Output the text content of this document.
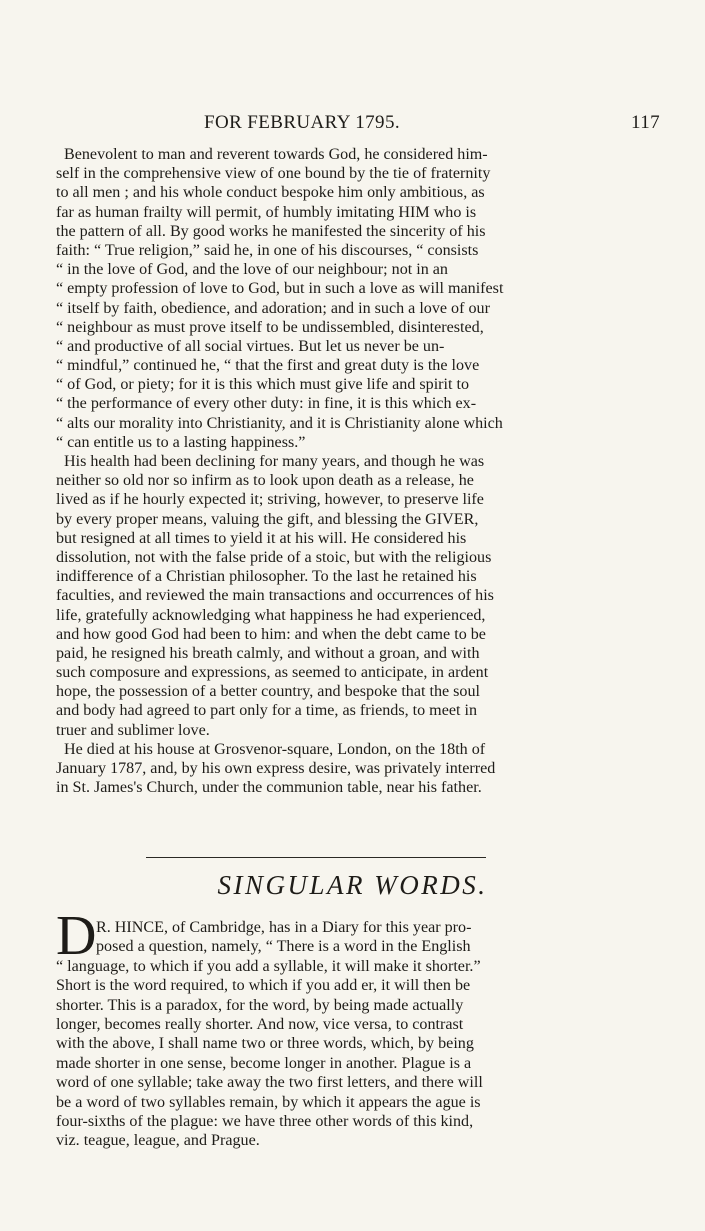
FOR FEBRUARY 1795.	117
Benevolent to man and reverent towards God, he considered him-
self in the comprehensive view of one bound by the tie of fraternity
to all men ; and his whole conduct bespoke him only ambitious, as
far as human frailty will permit, of humbly imitating HIM who is
the pattern of all. By good works he manifested the sincerity of his
faith: “ True religion,” said he, in one of his discourses, “ consists
“ in the love of God, and the love of our neighbour; not in an
“ empty profession of love to God, but in such a love as will manifest
“ itself by faith, obedience, and adoration; and in such a love of our
“ neighbour as must prove itself to be undissembled, disinterested,
“ and productive of all social virtues. But let us never be un-
“ mindful,” continued he, “ that the first and great duty is the love
“ of God, or piety; for it is this which must give life and spirit to
“ the performance of every other duty: in fine, it is this which ex-
“ alts our morality into Christianity, and it is Christianity alone which
“ can entitle us to a lasting happiness.”
His health had been declining for many years, and though he was
neither so old nor so infirm as to look upon death as a release, he
lived as if he hourly expected it; striving, however, to preserve life
by every proper means, valuing the gift, and blessing the GIVER,
but resigned at all times to yield it at his will. He considered his
dissolution, not with the false pride of a stoic, but with the religious
indifference of a Christian philosopher. To the last he retained his
faculties, and reviewed the main transactions and occurrences of his
life, gratefully acknowledging what happiness he had experienced,
and how good God had been to him: and when the debt came to be
paid, he resigned his breath calmly, and without a groan, and with
such composure and expressions, as seemed to anticipate, in ardent
hope, the possession of a better country, and bespoke that the soul
and body had agreed to part only for a time, as friends, to meet in
truer and sublimer love.
He died at his house at Grosvenor-square, London, on the 18th of
January 1787, and, by his own express desire, was privately interred
in St. James's Church, under the communion table, near his father.
SINGULAR WORDS.
D R. HINCE, of Cambridge, has in a Diary for this year pro-
posed a question, namely, “ There is a word in the English
“ language, to which if you add a syllable, it will make it shorter.”
Short is the word required, to which if you add er, it will then be
shorter. This is a paradox, for the word, by being made actually
longer, becomes really shorter. And now, vice versa, to contrast
with the above, I shall name two or three words, which, by being
made shorter in one sense, become longer in another. Plague is a
word of one syllable; take away the two first letters, and there will
be a word of two syllables remain, by which it appears the ague is
four-sixths of the plague: we have three other words of this kind,
viz. teague, league, and Prague.
